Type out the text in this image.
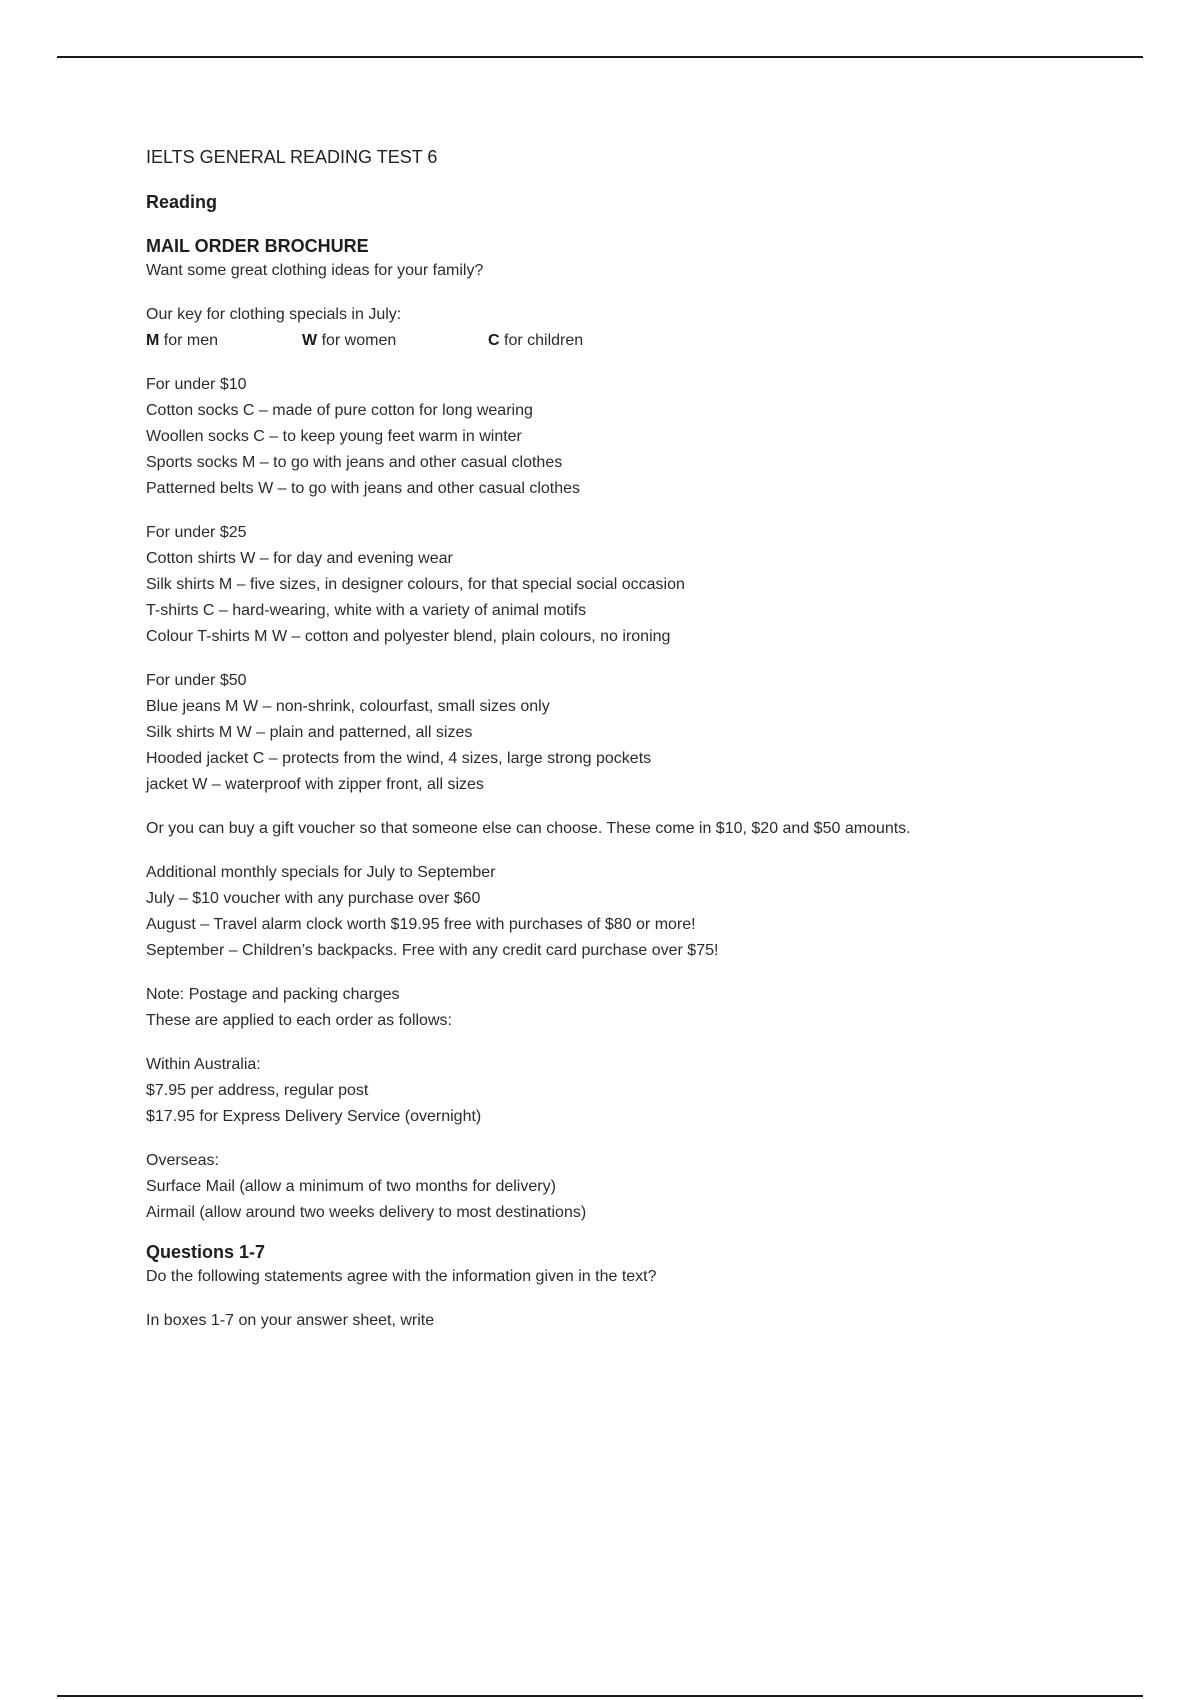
IELTS GENERAL READING TEST 6
Reading
MAIL ORDER BROCHURE

Want some great clothing ideas for your family?

Our key for clothing specials in July:

M for men	W for women	C for children

For under $10

Cotton socks C – made of pure cotton for long wearing

Woollen socks C – to keep young feet warm in winter

Sports socks M – to go with jeans and other casual clothes

Patterned belts W – to go with jeans and other casual clothes

For under $25

Cotton shirts W – for day and evening wear

Silk shirts M – five sizes, in designer colours, for that special social occasion

T-shirts C – hard-wearing, white with a variety of animal motifs

Colour T-shirts M W – cotton and polyester blend, plain colours, no ironing

For under $50

Blue jeans M W – non-shrink, colourfast, small sizes only

Silk shirts M W – plain and patterned, all sizes

Hooded jacket C – protects from the wind, 4 sizes, large strong pockets

jacket W – waterproof with zipper front, all sizes

Or you can buy a gift voucher so that someone else can choose. These come in $10, $20 and $50 amounts.

Additional monthly specials for July to September

July – $10 voucher with any purchase over $60

August – Travel alarm clock worth $19.95 free with purchases of $80 or more!

September – Children’s backpacks. Free with any credit card purchase over $75!

Note: Postage and packing charges

These are applied to each order as follows:

Within Australia:

$7.95 per address, regular post

$17.95 for Express Delivery Service (overnight)

Overseas:

Surface Mail (allow a minimum of two months for delivery)

Airmail (allow around two weeks delivery to most destinations)

Questions 1-7

Do the following statements agree with the information given in the text?

In boxes 1-7 on your answer sheet, write
